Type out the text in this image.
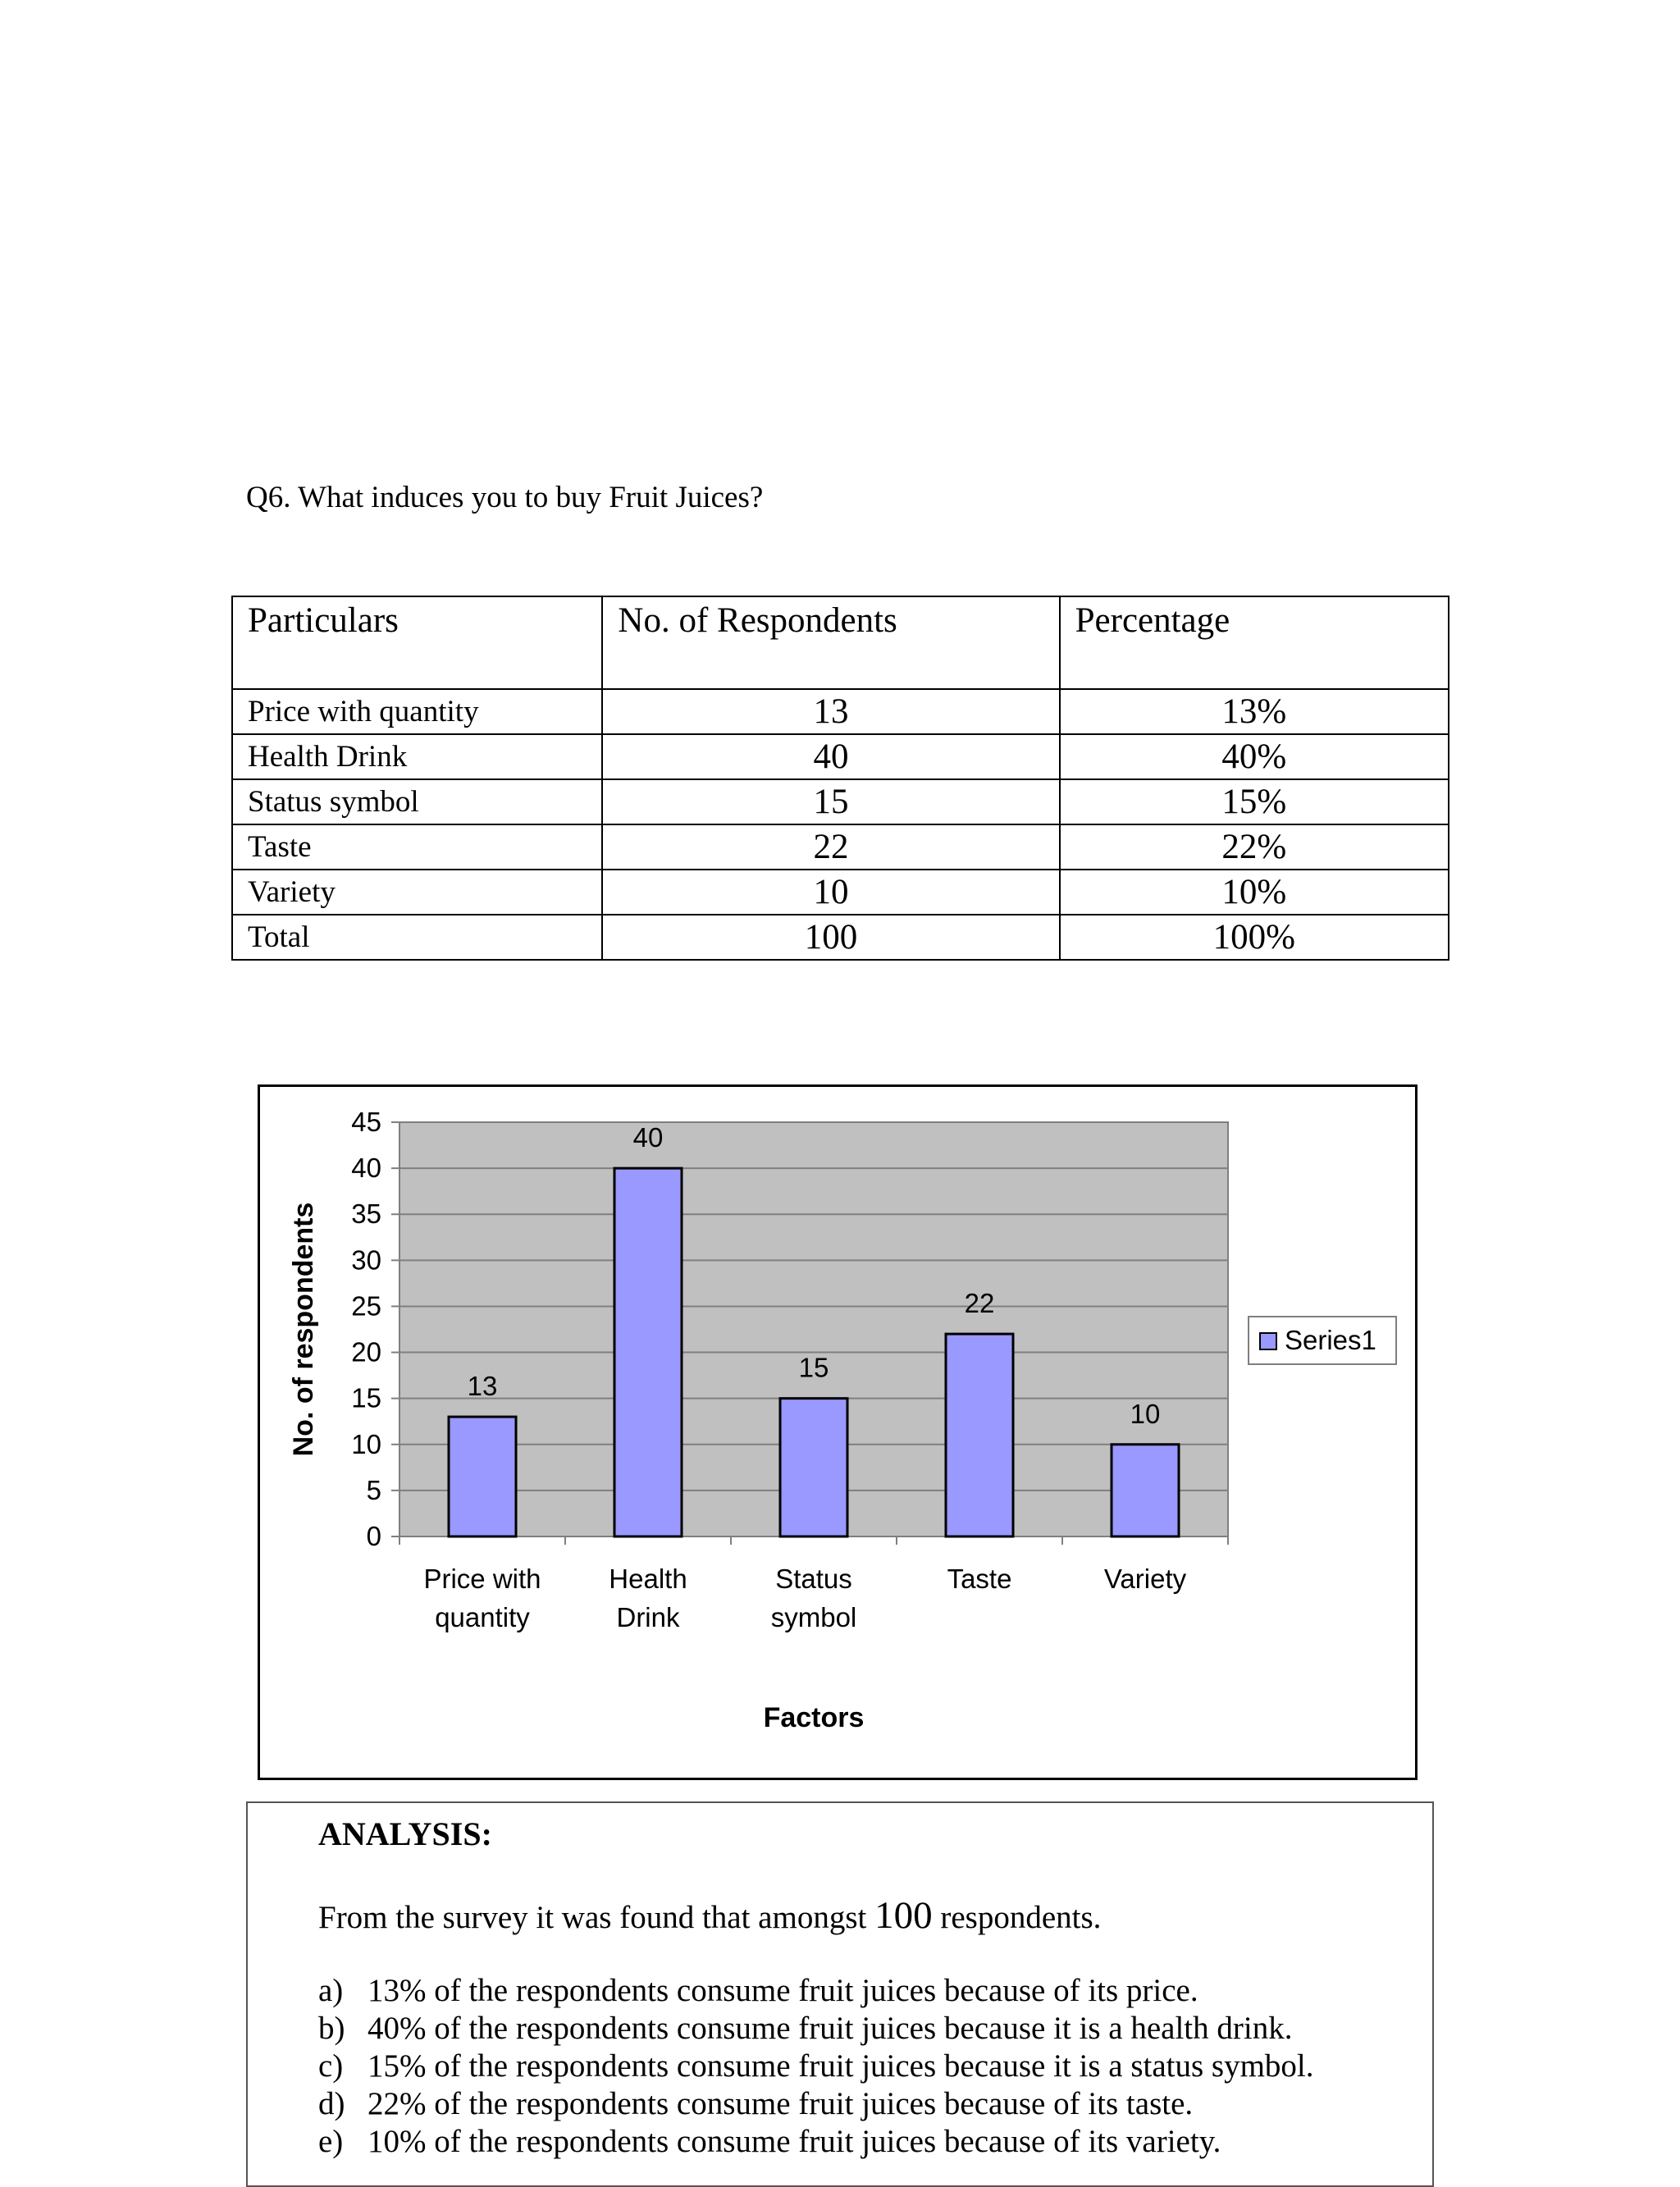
Q6. What induces you to buy Fruit Juices?
Particulars	No. of Respondents	Percentage
Price with quantity	13	13%
Health Drink	40	40%
Status symbol	15	15%
Taste	22	22%
Variety	10	10%
Total	100	100%
0
5
10
15
20
25
30
35
40
45
13
Price with
quantity
40
Health
Drink
15
Status
symbol
22
Taste
10
Variety
Factors
No. of respondents	Series1
ANALYSIS:
From the survey it was found that amongst 100 respondents.
a) 13% of the respondents consume fruit juices because of its price.
b) 40% of the respondents consume fruit juices because it is a health drink.
c) 15% of the respondents consume fruit juices because it is a status symbol.
d) 22% of the respondents consume fruit juices because of its taste.
e) 10% of the respondents consume fruit juices because of its variety.
